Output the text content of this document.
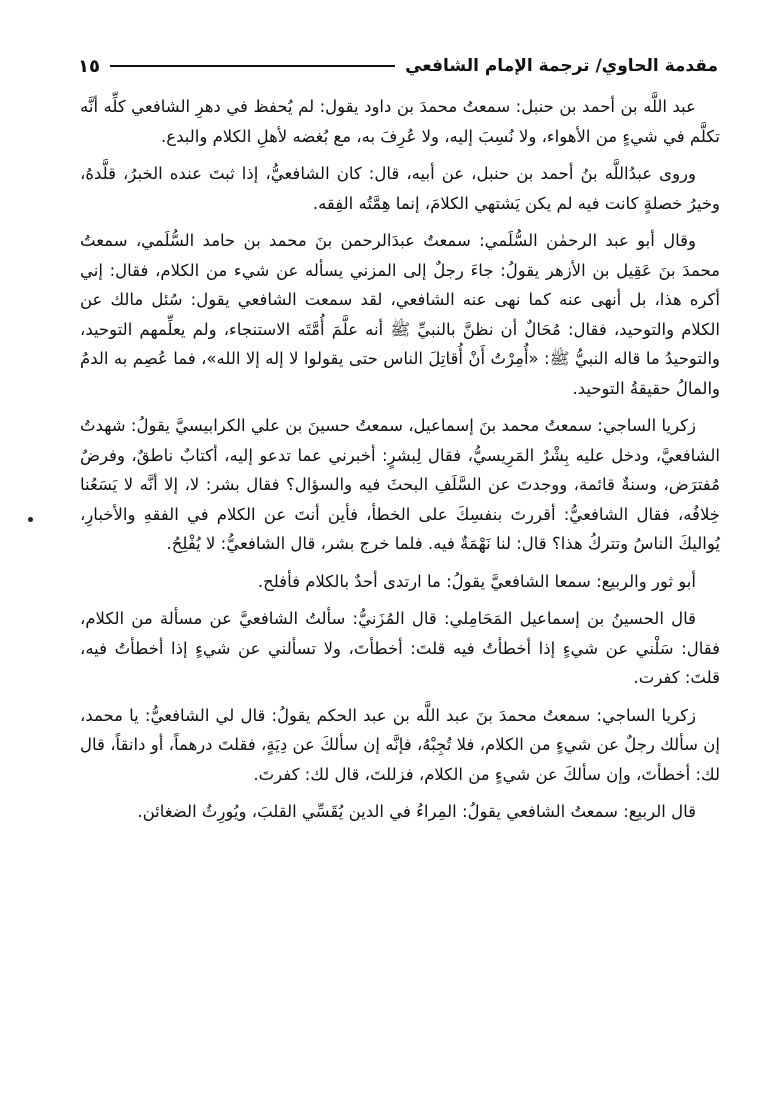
مقدمة الحاوي/ ترجمة الإمام الشافعي
١٥

عبد اللَّه بن أحمد بن حنبل: سمعتُ محمدَ بن داود يقول: لم يُحفظ في دهرِ الشافعي كلِّه أنَّه تكلَّم في شيءٍ من الأهواء، ولا نُسِبَ إليه، ولا عُرِفَ به، مع بُغضه لأهلِ الكلام والبدع.

وروى عبدُاللَّه بنُ أحمد بن حنبل، عن أبيه، قال: كان الشافعيُّ، إذا ثبتَ عنده الخبرُ، قلَّدهُ، وخيرُ خصلةٍ كانت فيه لم يكن يَشتهي الكلامَ، إنما هِمَّتُه الفِقه.

وقال أبو عبد الرحمٰن السُّلَمي: سمعتُ عبدَالرحمن بنَ محمد بن حامد السُّلَمي، سمعتُ محمدَ بنَ عَقِيل بن الأزهر يقولُ: جاءَ رجلٌ إلى المزني يسأله عن شيء من الكلام، فقال: إني أكره هذا، بل أنهى عنه كما نهى عنه الشافعي، لقد سمعت الشافعي يقول: سُئل مالك عن الكلام والتوحيد، فقال: مُحَالٌ أن نظنَّ بالنبيِّ ﷺ أنه علَّمَ أُمَّتَه الاستنجاء، ولم يعلِّمهم التوحيد، والتوحيدُ ما قاله النبيُّ ﷺ: «أُمِرْتُ أَنْ أُقاتِلَ الناس حتى يقولوا لا إله إلا الله»، فما عُصِم به الدمُ والمالُ حقيقةُ التوحيد.

زكريا الساجي: سمعتُ محمد بنَ إسماعيل، سمعتُ حسينَ بن علي الكرابيسيَّ يقولُ: شهدتُ الشافعيَّ، ودخل عليه بِشْرٌ المَرِيسيُّ، فقال لِبشرٍ: أخبرني عما تدعو إليه، أكتابٌ ناطقٌ، وفرضٌ مُفترَض، وسنةٌ قائمة، ووجدتَ عن السَّلَفِ البحثَ فيه والسؤال؟ فقال بشر: لا، إلا أنَّه لا يَسَعُنا خِلافُه، فقال الشافعيُّ: أقررتَ بنفسِكَ على الخطأ، فأين أنتَ عن الكلام في الفقهِ والأخبارِ، يُواليكَ الناسُ وتتركُ هذا؟ قال: لنا نَهْمَةٌ فيه. فلما خرج بشر، قال الشافعيُّ: لا يُفْلِحُ.

أبو ثور والربيع: سمعا الشافعيَّ يقولُ: ما ارتدى أحدٌ بالكلام فأفلح.

قال الحسينُ بن إسماعيل المَحَامِلي: قال المُزَنيُّ: سألتُ الشافعيَّ عن مسألة من الكلام، فقال: سَلْني عن شيءٍ إذا أخطأتُ فيه قلتَ: أخطأتَ، ولا تسألني عن شيءٍ إذا أخطأتُ فيه، قلتَ: كفرت.

زكريا الساجي: سمعتُ محمدَ بنَ عبد اللَّه بن عبد الحكم يقولُ: قال لي الشافعيُّ: يا محمد، إن سألك رجلٌ عن شيءٍ من الكلام، فلا تُجِبْهُ، فإنَّه إن سألكَ عن دِيَةٍ، فقلتَ درهماً، أو دانقاً، قال لك: أخطأتَ، وإن سألكَ عن شيءٍ من الكلام، فزللتَ، قال لك: كفرتَ.

قال الربيع: سمعتُ الشافعي يقولُ: المِراءُ في الدين يُقَسِّي القلبَ، ويُورِثُ الضغائن.
